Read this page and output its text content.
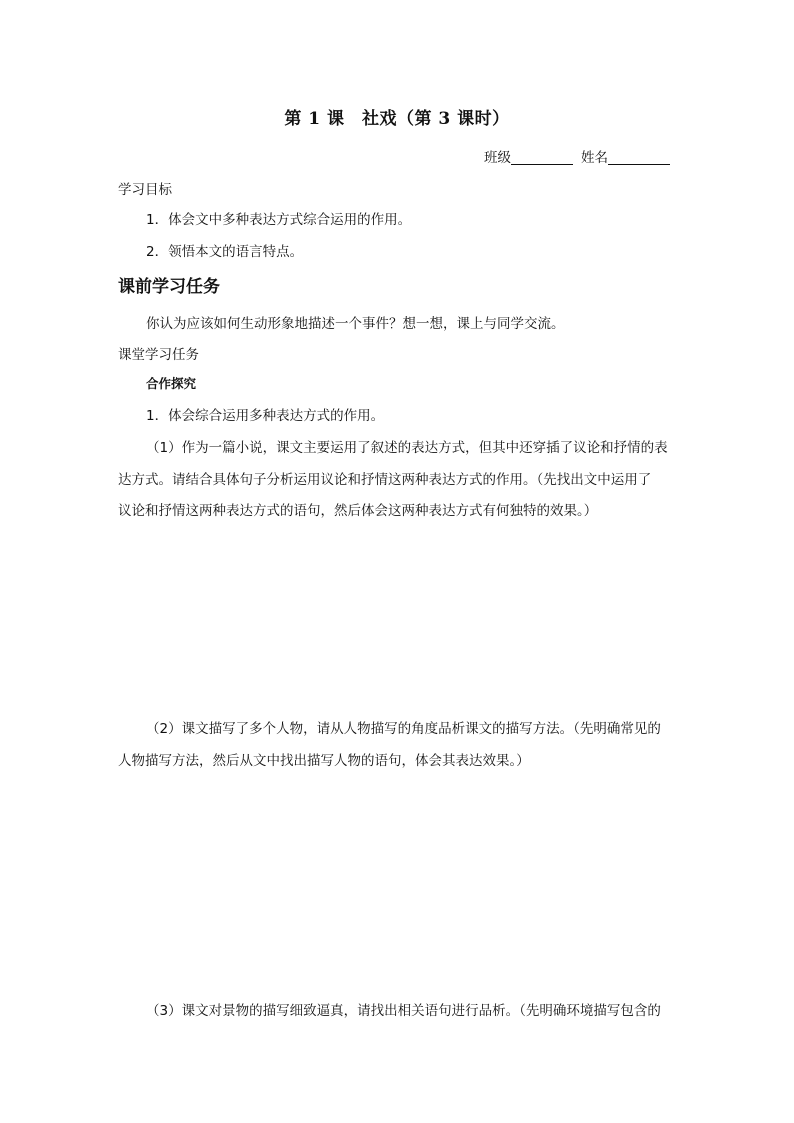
第 1 课　社戏（第 3 课时）
班级	姓名
学习目标
1．体会文中多种表达方式综合运用的作用。
2．领悟本文的语言特点。
课前学习任务
你认为应该如何生动形象地描述一个事件？想一想，课上与同学交流。
课堂学习任务
合作探究
1．体会综合运用多种表达方式的作用。
（1）作为一篇小说，课文主要运用了叙述的表达方式，但其中还穿插了议论和抒情的表
达方式。请结合具体句子分析运用议论和抒情这两种表达方式的作用。（先找出文中运用了
议论和抒情这两种表达方式的语句，然后体会这两种表达方式有何独特的效果。）
（2）课文描写了多个人物，请从人物描写的角度品析课文的描写方法。（先明确常见的
人物描写方法，然后从文中找出描写人物的语句，体会其表达效果。）
（3）课文对景物的描写细致逼真，请找出相关语句进行品析。（先明确环境描写包含的
